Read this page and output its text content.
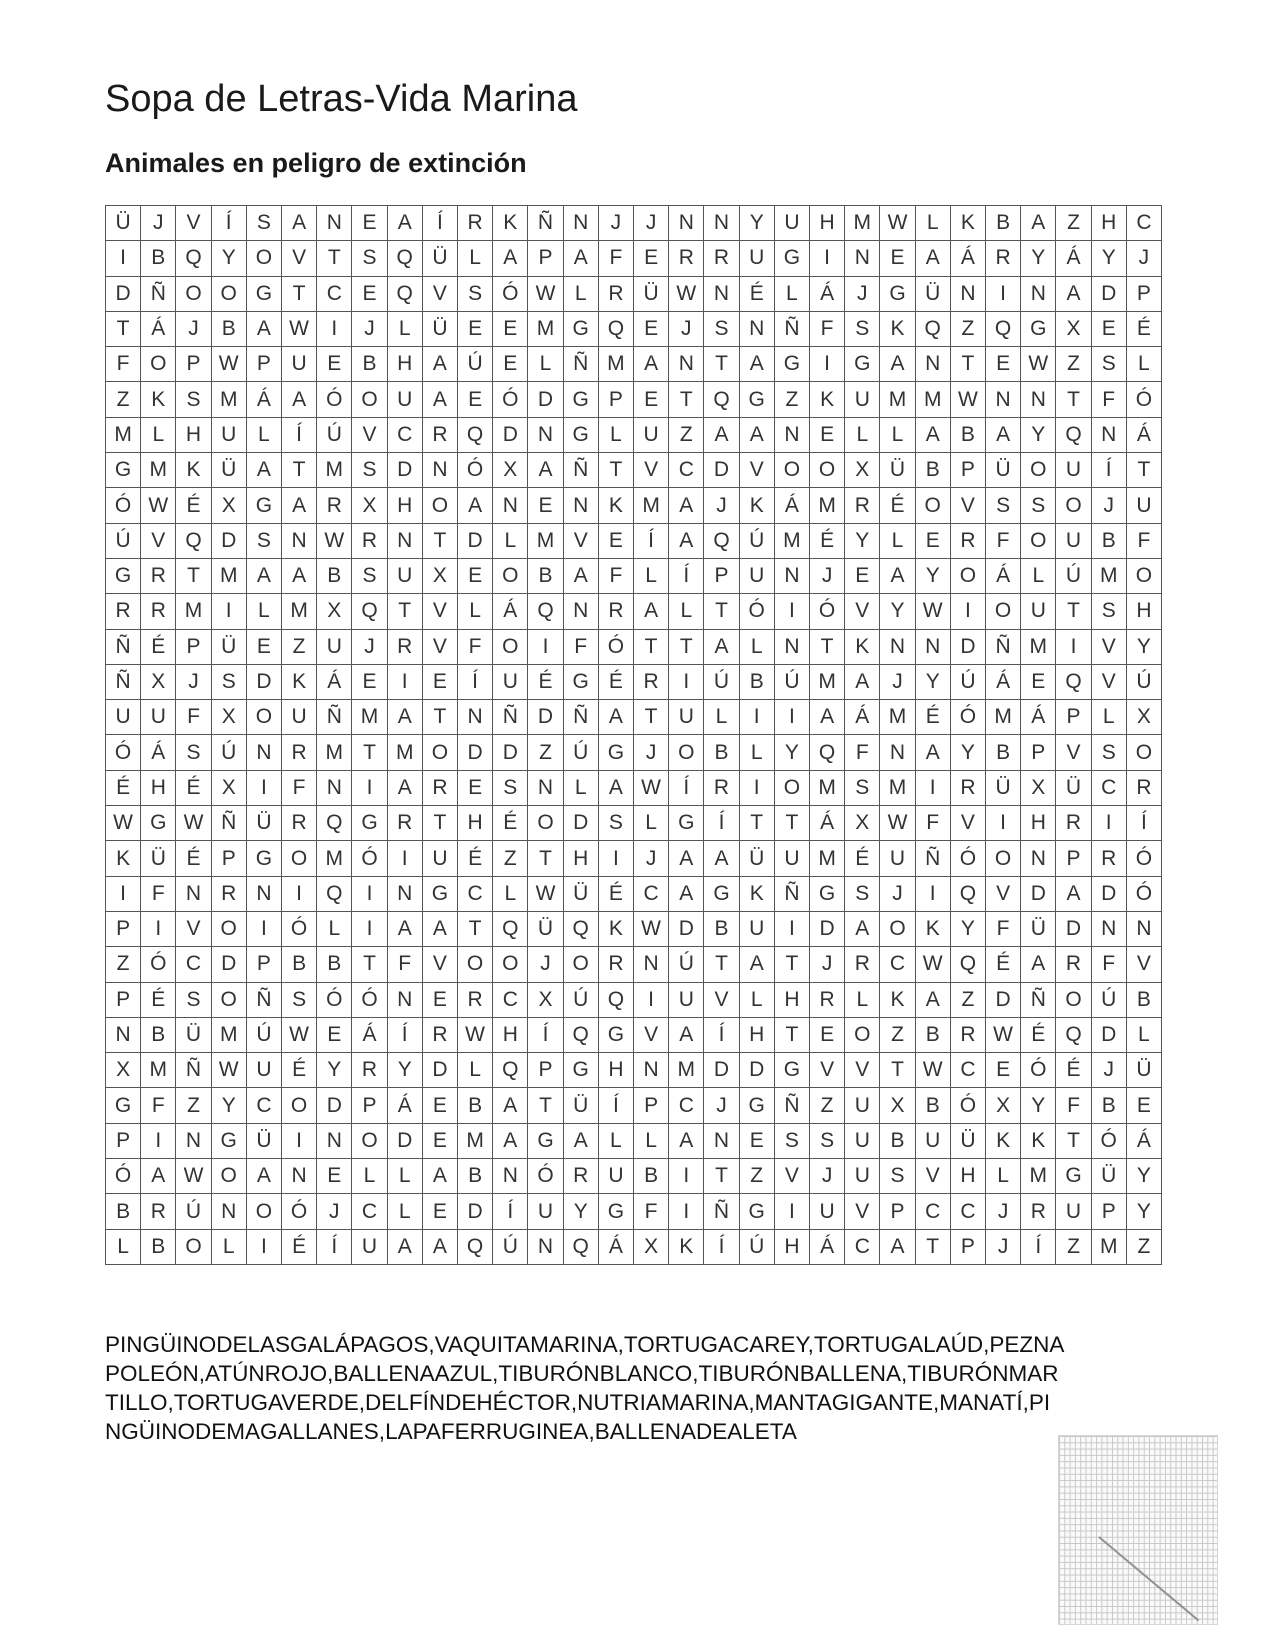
Sopa de Letras-Vida Marina
Animales en peligro de extinción
Ü	J	V	Í	S	A N E	A	Í	R K Ñ N	J	J	N N Y U H M W L	K	B	A	Z	H C
I	B Q Y O V	T	S Q Ü	L	A	P	A	F	E R R U G	I	N E	A	Á R Y	Á	Y	J
D Ñ O O G T	C E Q V	S Ó W L	R Ü W N É	L	Á	J	G Ü N	I	N A D P
T	Á	J	B	A W	I	J	L	Ü E	E M G Q E	J	S N Ñ	F	S	K Q Z Q G X	E	É
F O P W P U E	B H A Ú E	L	Ñ M A N	T	A G	I	G A N	T	E W Z	S	L
Z	K	S M Á	A Ó O U A	E Ó D G P	E	T Q G Z	K U M M W N N	T	F Ó
M L	H U	L	Í	Ú V C R Q D N G	L	U	Z	A	A N E	L	L	A	B	A	Y Q N Á
G M K Ü A	T M S D N Ó X	A Ñ	T	V C D V O O X Ü B	P Ü O U	Í	T
Ó W É	X G A R X H O A N E N K M A	J	K	Á M R É O V	S	S O	J	U
Ú V Q D S N W R N	T	D	L M V	E	Í	A Q Ú M É	Y	L	E R	F O U B	F
G R	T M A	A	B	S U X	E O B	A	F	L	Í	P U N	J	E	A	Y O Á	L	Ú M O
R R M	I	L M X Q T	V	L	Á Q N R A	L	T Ó	I	Ó V	Y W	I	O U	T	S H
Ñ É	P Ü E	Z	U	J	R V	F O	I	F Ó T	T	A	L	N	T	K N N D Ñ M	I	V	Y
Ñ X	J	S D K	Á	E	I	E	Í	U É G É R	I	Ú B Ú M A	J	Y Ú Á	E Q V Ú
U U	F	X O U Ñ M A	T	N Ñ D Ñ A	T	U	L	I	I	A	Á M É Ó M Á	P	L	X
Ó Á	S Ú N R M T M O D D	Z	Ú G	J	O B	L	Y Q F	N A	Y	B	P	V	S O
É H É	X	I	F	N	I	A R E	S N	L	A W	Í	R	I	O M S M	I	R Ü X Ü C R
W G W Ñ Ü R Q G R	T	H É O D S	L	G	Í	T	T	Á	X W F	V	I	H R	I	Í
K Ü É	P G O M Ó	I	U É	Z	T	H	I	J	A	A Ü U M É U Ñ Ó O N P R Ó
I	F	N R N	I	Q	I	N G C	L W Ü É C A G K Ñ G S	J	I	Q V D A D Ó
P	I	V O	I	Ó	L	I	A	A	T Q Ü Q K W D B U	I	D A O K	Y	F	Ü D N N
Z Ó C D P	B	B	T	F	V O O	J	O R N Ú	T	A	T	J	R C W Q É	A R	F	V
P	É	S O Ñ S Ó Ó N E R C X Ú Q	I	U V	L	H R	L	K	A	Z	D Ñ O Ú B
N B Ü M Ú W E	Á	Í	R W H	Í	Q G V	A	Í	H	T	E O Z	B R W É Q D	L
X M Ñ W U É	Y R Y D	L	Q P G H N M D D G V	V	T W C E Ó É	J	Ü
G F	Z	Y C O D P	Á	E	B	A	T	Ü	Í	P C	J	G Ñ	Z	U X	B Ó X	Y	F	B	E
P	I	N G Ü	I	N O D E M A G A	L	L	A N E	S	S U B U Ü K	K	T Ó Á
Ó A W O A N E	L	L	A	B N Ó R U B	I	T	Z	V	J	U S	V H	L M G Ü Y
B R Ú N O Ó	J	C	L	E D	Í	U Y G F	I	Ñ G	I	U V	P C C	J	R U P	Y
L	B O	L	I	É	Í	U A	A Q Ú N Q Á	X	K	Í	Ú H Á C A	T	P	J	Í	Z M Z
PINGÜINODELASGALÁPAGOS,VAQUITAMARINA,TORTUGACAREY,TORTUGALAÚD,PEZNA
POLEÓN,ATÚNROJO,BALLENAAZUL,TIBURÓNBLANCO,TIBURÓNBALLENA,TIBURÓNMAR
TILLO,TORTUGAVERDE,DELFÍNDEHÉCTOR,NUTRIAMARINA,MANTAGIGANTE,MANATÍ,PI
NGÜINODEMAGALLANES,LAPAFERRUGINEA,BALLENADEALETA
